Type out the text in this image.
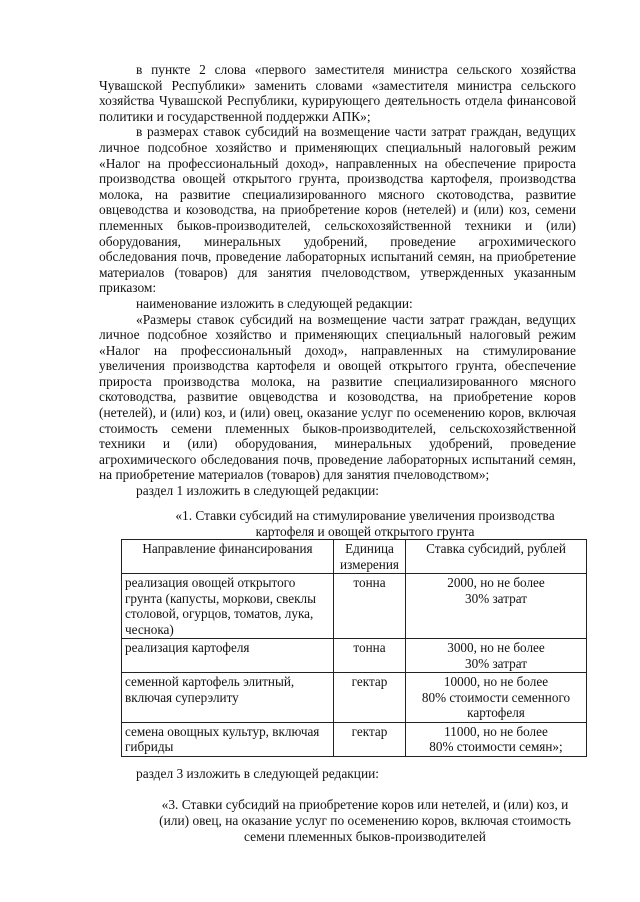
в пункте 2 слова «первого заместителя министра сельского хозяйства Чувашской Республики» заменить словами «заместителя министра сельского хозяйства Чувашской Республики, курирующего деятельность отдела финансовой политики и государственной поддержки АПК»;

в размерах ставок субсидий на возмещение части затрат граждан, ведущих личное подсобное хозяйство и применяющих специальный налоговый режим «Налог на профессиональный доход», направленных на обеспечение прироста производства овощей открытого грунта, производства картофеля, производства молока, на развитие специализированного мясного скотоводства, развитие овцеводства и козоводства, на приобретение коров (нетелей) и (или) коз, семени племенных быков-производителей, сельскохозяйственной техники и (или) оборудования, минеральных удобрений, проведение агрохимического обследования почв, проведение лабораторных испытаний семян, на приобретение материалов (товаров) для занятия пчеловодством, утвержденных указанным приказом:

наименование изложить в следующей редакции:

«Размеры ставок субсидий на возмещение части затрат граждан, ведущих личное подсобное хозяйство и применяющих специальный налоговый режим «Налог на профессиональный доход», направленных на стимулирование увеличения производства картофеля и овощей открытого грунта, обеспечение прироста производства молока, на развитие специализированного мясного скотоводства, развитие овцеводства и козоводства, на приобретение коров (нетелей), и (или) коз, и (или) овец, оказание услуг по осеменению коров, включая стоимость семени племенных быков-производителей, сельскохозяйственной техники и (или) оборудования, минеральных удобрений, проведение агрохимического обследования почв, проведение лабораторных испытаний семян, на приобретение материалов (товаров) для занятия пчеловодством»;

раздел 1 изложить в следующей редакции:

«1. Ставки субсидий на стимулирование увеличения производства
картофеля и овощей открытого грунта
Направление финансирования	Единица измерения	Ставка субсидий, рублей
реализация овощей открытого грунта (капусты, моркови, свеклы столовой, огурцов, томатов, лука, чеснока)	тонна	2000, но не более
30% затрат

реализация картофеля	тонна	3000, но не более
30% затрат

семенной картофель элитный, включая суперэлиту	гектар	10000, но не более
80% стоимости семенного картофеля

семена овощных культур, включая гибриды	гектар	11000, но не более
80% стоимости семян»;
раздел 3 изложить в следующей редакции:
«3. Ставки субсидий на приобретение коров или нетелей, и (или) коз, и
(или) овец, на оказание услуг по осеменению коров, включая стоимость
семени племенных быков-производителей
